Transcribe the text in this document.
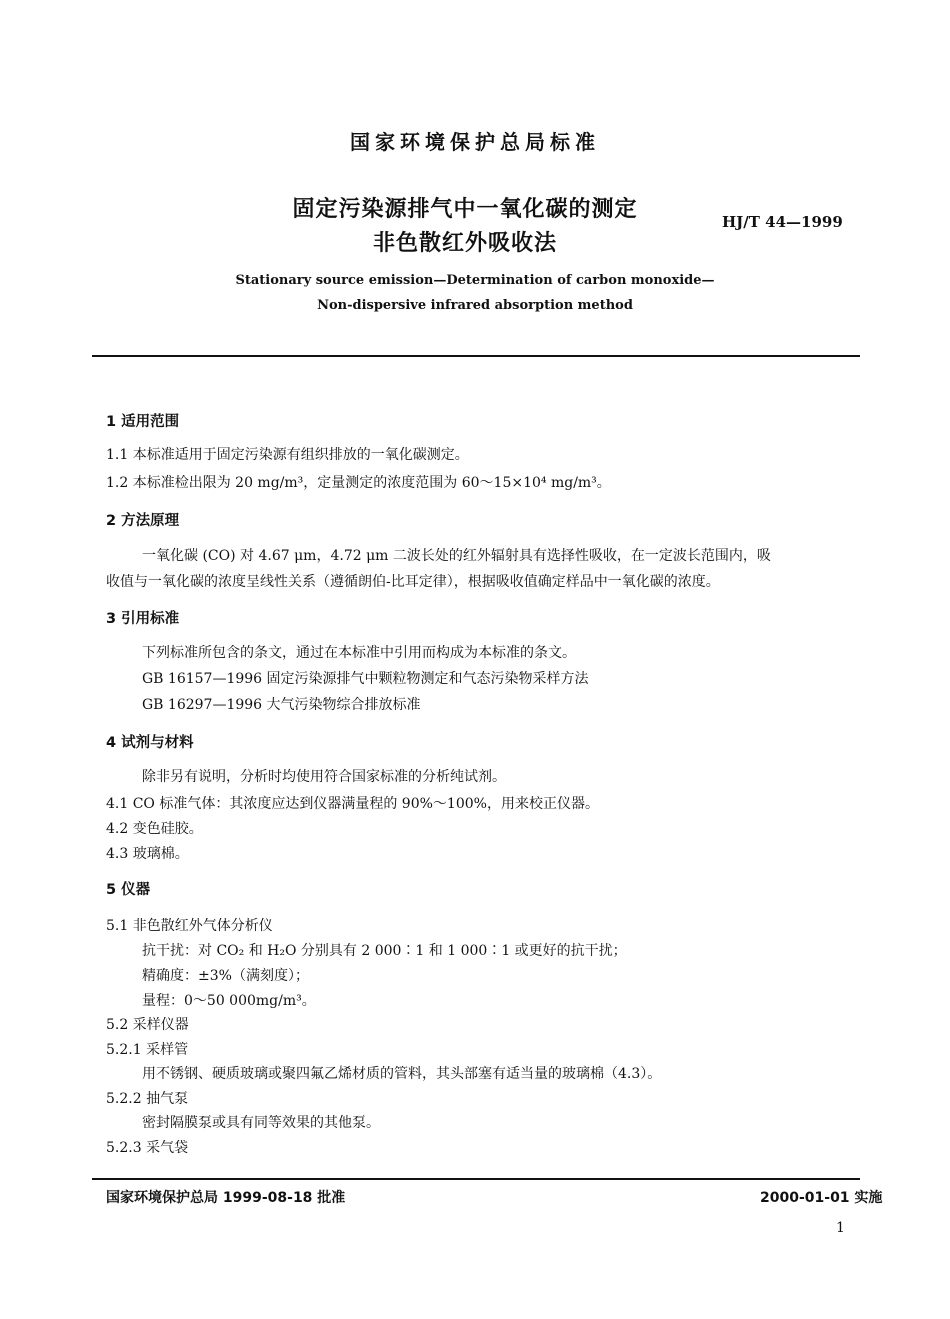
国家环境保护总局标准
固定污染源排气中一氧化碳的测定
非色散红外吸收法
HJ/T 44—1999
Stationary source emission—Determination of carbon monoxide—
Non-dispersive infrared absorption method
1 适用范围
1.1 本标准适用于固定污染源有组织排放的一氧化碳测定。
1.2 本标准检出限为 20 mg/m³，定量测定的浓度范围为 60～15×10⁴ mg/m³。
2 方法原理
一氧化碳 (CO) 对 4.67 μm，4.72 μm 二波长处的红外辐射具有选择性吸收，在一定波长范围内，吸
收值与一氧化碳的浓度呈线性关系（遵循朗伯-比耳定律），根据吸收值确定样品中一氧化碳的浓度。
3 引用标准
下列标准所包含的条文，通过在本标准中引用而构成为本标准的条文。
GB 16157—1996 固定污染源排气中颗粒物测定和气态污染物采样方法
GB 16297—1996 大气污染物综合排放标准
4 试剂与材料
除非另有说明，分析时均使用符合国家标准的分析纯试剂。
4.1 CO 标准气体：其浓度应达到仪器满量程的 90%～100%，用来校正仪器。
4.2 变色硅胶。
4.3 玻璃棉。
5 仪器
5.1 非色散红外气体分析仪
抗干扰：对 CO₂ 和 H₂O 分别具有 2 000∶1 和 1 000∶1 或更好的抗干扰；
精确度：±3%（满刻度）；
量程：0～50 000mg/m³。
5.2 采样仪器
5.2.1 采样管
用不锈钢、硬质玻璃或聚四氟乙烯材质的管料，其头部塞有适当量的玻璃棉（4.3）。
5.2.2 抽气泵
密封隔膜泵或具有同等效果的其他泵。
5.2.3 采气袋
国家环境保护总局 1999-08-18 批准	2000-01-01 实施
1
